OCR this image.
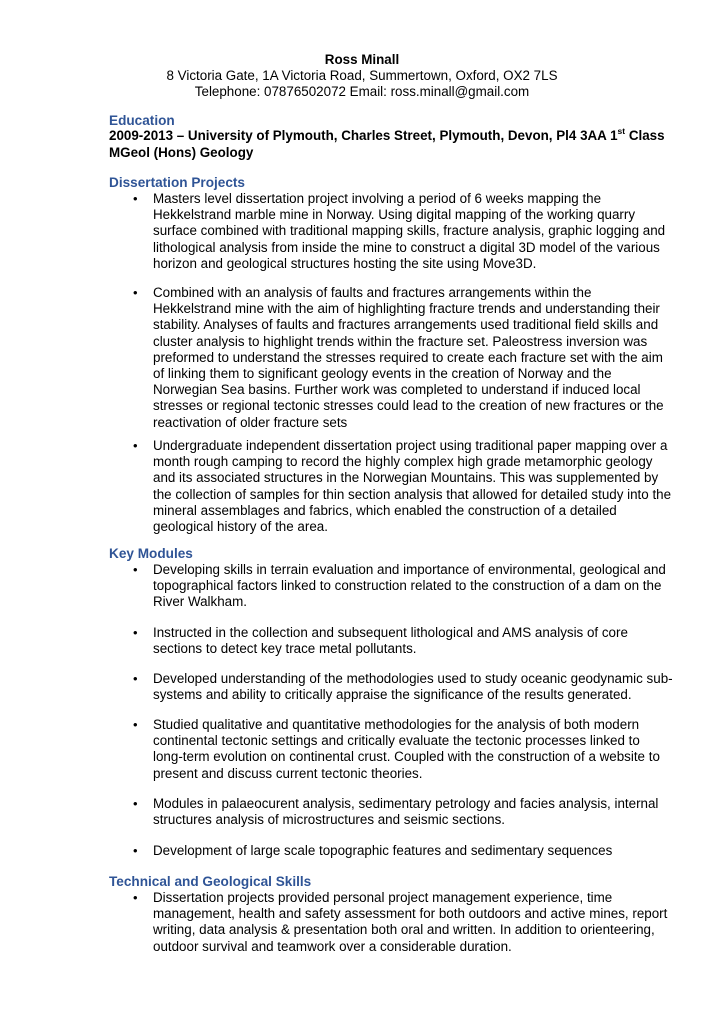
Ross Minall
8 Victoria Gate, 1A Victoria Road, Summertown, Oxford, OX2 7LS
Telephone: 07876502072 Email: ross.minall@gmail.com
Education
2009-2013 – University of Plymouth, Charles Street, Plymouth, Devon, Pl4 3AA 1st Class
MGeol (Hons) Geology
Dissertation Projects
• Masters level dissertation project involving a period of 6 weeks mapping the
Hekkelstrand marble mine in Norway. Using digital mapping of the working quarry
surface combined with traditional mapping skills, fracture analysis, graphic logging and
lithological analysis from inside the mine to construct a digital 3D model of the various
horizon and geological structures hosting the site using Move3D.
• Combined with an analysis of faults and fractures arrangements within the
Hekkelstrand mine with the aim of highlighting fracture trends and understanding their
stability. Analyses of faults and fractures arrangements used traditional field skills and
cluster analysis to highlight trends within the fracture set. Paleostress inversion was
preformed to understand the stresses required to create each fracture set with the aim
of linking them to significant geology events in the creation of Norway and the
Norwegian Sea basins. Further work was completed to understand if induced local
stresses or regional tectonic stresses could lead to the creation of new fractures or the
reactivation of older fracture sets
• Undergraduate independent dissertation project using traditional paper mapping over a
month rough camping to record the highly complex high grade metamorphic geology
and its associated structures in the Norwegian Mountains. This was supplemented by
the collection of samples for thin section analysis that allowed for detailed study into the
mineral assemblages and fabrics, which enabled the construction of a detailed
geological history of the area.
Key Modules
• Developing skills in terrain evaluation and importance of environmental, geological and
topographical factors linked to construction related to the construction of a dam on the
River Walkham.
• Instructed in the collection and subsequent lithological and AMS analysis of core
sections to detect key trace metal pollutants.
• Developed understanding of the methodologies used to study oceanic geodynamic sub-
systems and ability to critically appraise the significance of the results generated.
• Studied qualitative and quantitative methodologies for the analysis of both modern
continental tectonic settings and critically evaluate the tectonic processes linked to
long-term evolution on continental crust. Coupled with the construction of a website to
present and discuss current tectonic theories.
• Modules in palaeocurent analysis, sedimentary petrology and facies analysis, internal
structures analysis of microstructures and seismic sections.
• Development of large scale topographic features and sedimentary sequences
Technical and Geological Skills
• Dissertation projects provided personal project management experience, time
management, health and safety assessment for both outdoors and active mines, report
writing, data analysis & presentation both oral and written. In addition to orienteering,
outdoor survival and teamwork over a considerable duration.
